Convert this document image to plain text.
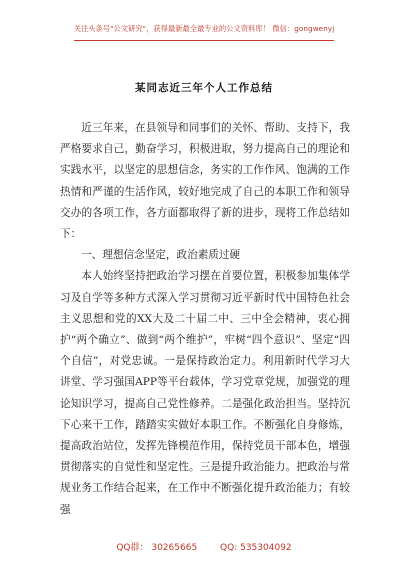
关注头条号"公文研究"，获得最新最全最专业的公文资料库！ 微信：gongwenyj
某同志近三年个人工作总结

近三年来，在县领导和同事们的关怀、帮助、支持下，我严格要求自己，勤奋学习，积极进取，努力提高自己的理论和实践水平，以坚定的思想信念，务实的工作作风、饱满的工作热情和严谨的生活作风，较好地完成了自己的本职工作和领导交办的各项工作，各方面都取得了新的进步，现将工作总结如下：

一、理想信念坚定，政治素质过硬

本人始终坚持把政治学习摆在首要位置，积极参加集体学习及自学等多种方式深入学习贯彻习近平新时代中国特色社会主义思想和党的XX大及二十届二中、三中全会精神，衷心拥护“两个确立”、做到“两个维护”，牢树“四个意识”、坚定“四个自信”，对党忠诚。一是保持政治定力。利用新时代学习大讲堂、学习强国APP等平台载体，学习党章党规，加强党的理论知识学习，提高自己党性修养。二是强化政治担当。坚持沉下心来干工作，踏踏实实做好本职工作。不断强化自身修炼，提高政治站位，发挥先锋模范作用，保持党员干部本色，增强贯彻落实的自觉性和坚定性。三是提升政治能力。把政治与常规业务工作结合起来，在工作中不断强化提升政治能力；有较强

QQ群： 30265665	QQ: 535304092
